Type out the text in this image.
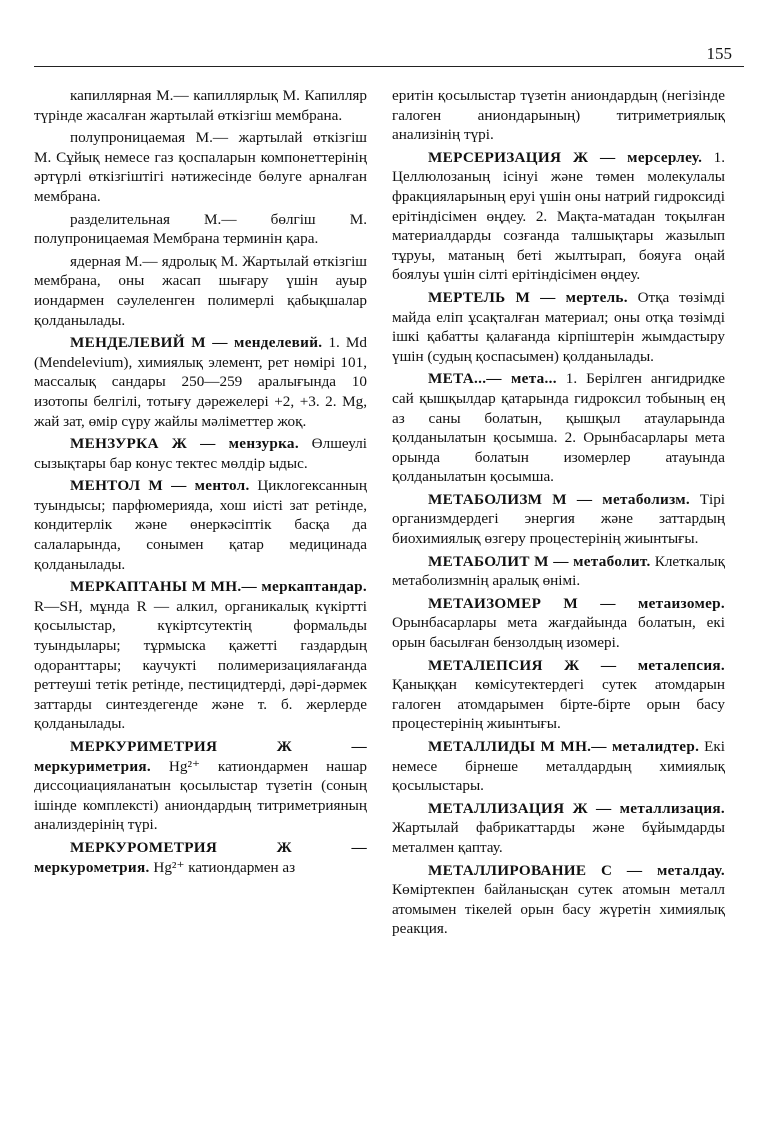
155

капиллярная М.— капиллярлық М. Капилляр түрінде жасалған жартылай өткізгіш мембрана.

полупроницаемая М.— жартылай өткізгіш М. Сұйық немесе газ қоспаларын компонеттерінің әртүрлі өткізгіштігі нәтижесінде бөлуге арналған мембрана.

разделительная М.— бөлгіш М. полупроницаемая Мембрана терминін қара.

ядерная М.— ядролық М. Жартылай өткізгіш мембрана, оны жасап шығару үшін ауыр иондармен сәулеленген полимерлі қабықшалар қолданылады.

МЕНДЕЛЕВИЙ М — менделевий. 1. Md (Mendelevium), химиялық элемент, рет нөмірі 101, массалық сандары 250—259 аралығында 10 изотопы белгілі, тотығу дәрежелері +2, +3. 2. Mg, жай зат, өмір сүру жайлы мәліметтер жоқ.

МЕНЗУРКА Ж — мензурка. Өлшеулі сызықтары бар конус тектес мөлдір ыдыс.

МЕНТОЛ М — ментол. Циклогексанның туындысы; парфюмерияда, хош иісті зат ретінде, кондитерлік және өнеркәсіптік басқа да салаларында, сонымен қатар медицинада қолданылады.

МЕРКАПТАНЫ М МН.— меркаптандар. R—SH, мұнда R — алкил, органикалық күкіртті қосылыстар, күкіртсутектің формальды туындылары; тұрмыска қажетті газдардың одоранттары; каучукті полимеризациялағанда реттеуші тетік ретінде, пестицидтерді, дәрі-дәрмек заттарды синтездегенде және т. б. жерлерде қолданылады.

МЕРКУРИМЕТРИЯ Ж — меркуриметрия. Hg²⁺ катиондармен нашар диссоциацияланатын қосылыстар түзетін (соның ішінде комплексті) аниондардың титриметрияның анализдерінің түрі.

МЕРКУРОМЕТРИЯ Ж — меркурометрия. Hg²⁺ катиондармен аз

еритін қосылыстар түзетін аниондардың (негізінде галоген аниондарының) титриметриялық анализінің түрі.

МЕРСЕРИЗАЦИЯ Ж — мерсерлеу. 1. Целлюлозаның ісінуі және төмен молекулалы фракцияларының еруі үшін оны натрий гидроксиді ерітіндісімен өңдеу. 2. Мақта-матадан тоқылған материалдарды созғанда талшықтары жазылып тұруы, матаның беті жылтырап, бояуға оңай боялуы үшін сілті ерітіндісімен өңдеу.

МЕРТЕЛЬ М — мертель. Отқа төзімді майда еліп ұсақталған материал; оны отқа төзімді ішкі қабатты қалағанда кірпіштерін жымдастыру үшін (судың қоспасымен) қолданылады.

МЕТА...— мета... 1. Берілген ангидридке сай қышқылдар қатарында гидроксил тобының ең аз саны болатын, қышқыл атауларында қолданылатын қосымша. 2. Орынбасарлары мета орында болатын изомерлер атауында қолданылатын қосымша.

МЕТАБОЛИЗМ М — метаболизм. Тірі организмдердегі энергия және заттардың биохимиялық өзгеру процестерінің жиынтығы.

МЕТАБОЛИТ М — метаболит. Клеткалық метаболизмнің аралық өнімі.

МЕТАИЗОМЕР М — метаизомер. Орынбасарлары мета жағдайында болатын, екі орын басылған бензолдың изомері.

МЕТАЛЕПСИЯ Ж — металепсия. Қаныққан көмісутектердегі сутек атомдарын галоген атомдарымен бірте-бірте орын басу процестерінің жиынтығы.

МЕТАЛЛИДЫ М МН.— металидтер. Екі немесе бірнеше металдардың химиялық қосылыстары.

МЕТАЛЛИЗАЦИЯ Ж — металлизация. Жартылай фабрикаттарды және бұйымдарды металмен қаптау.

МЕТАЛЛИРОВАНИЕ С — металдау. Көміртекпен байланысқан сутек атомын металл атомымен тікелей орын басу жүретін химиялық реакция.
